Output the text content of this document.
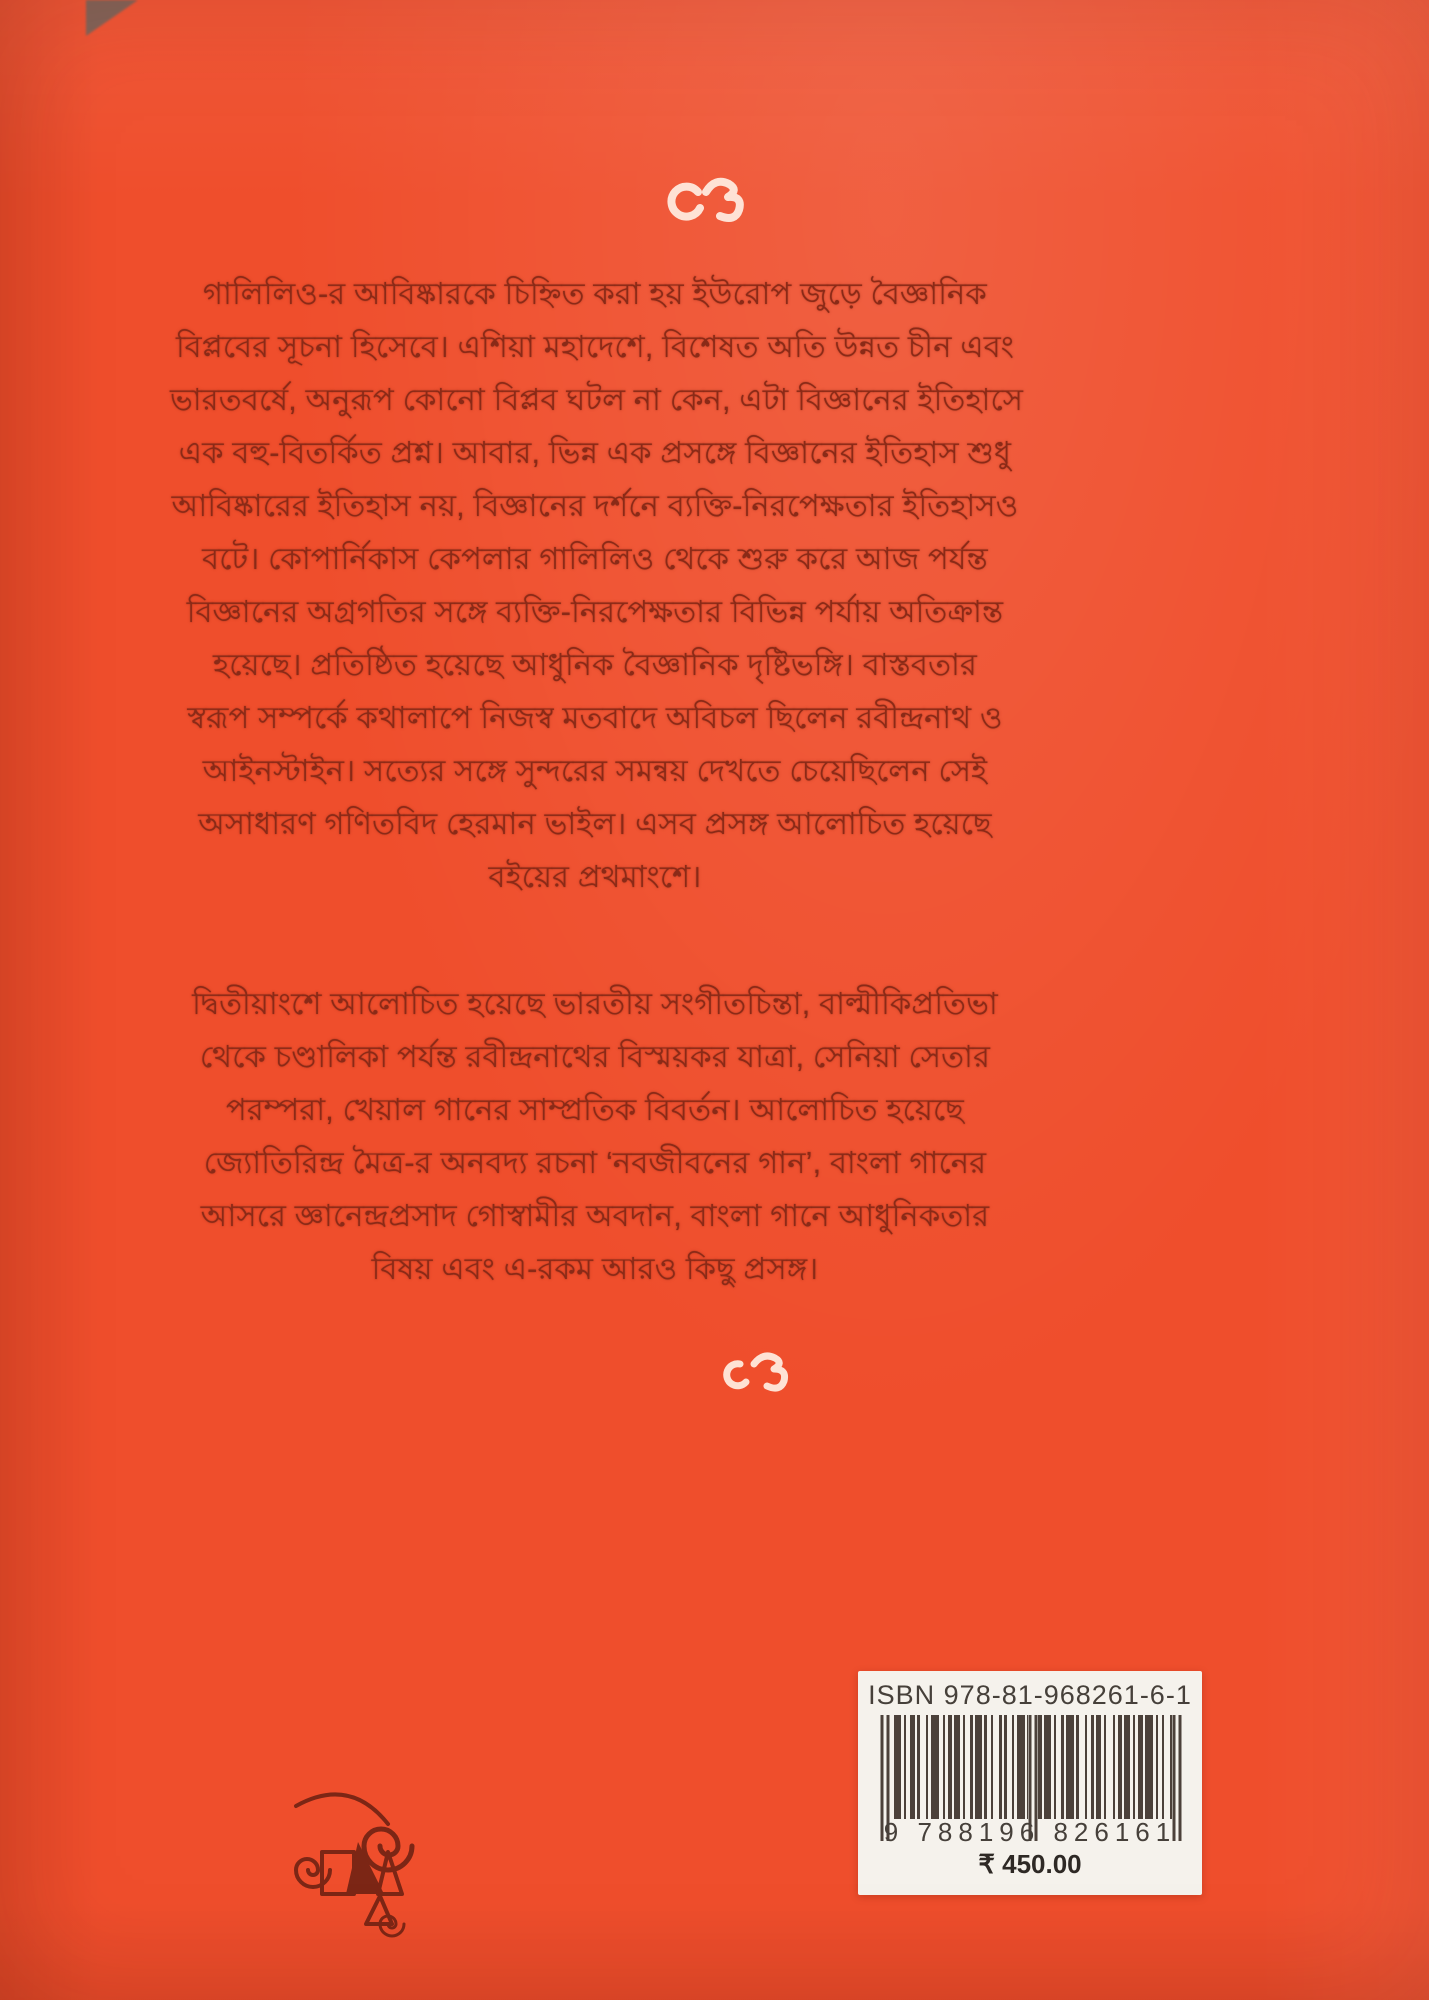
গালিলিও-র আবিষ্কারকে চিহ্নিত করা হয় ইউরোপ জুড়ে বৈজ্ঞানিক
বিপ্লবের সূচনা হিসেবে। এশিয়া মহাদেশে, বিশেষত অতি উন্নত চীন এবং
ভারতবর্ষে, অনুরূপ কোনো বিপ্লব ঘটল না কেন, এটা বিজ্ঞানের ইতিহাসে
এক বহু-বিতর্কিত প্রশ্ন। আবার, ভিন্ন এক প্রসঙ্গে বিজ্ঞানের ইতিহাস শুধু
আবিষ্কারের ইতিহাস নয়, বিজ্ঞানের দর্শনে ব্যক্তি-নিরপেক্ষতার ইতিহাসও
বটে। কোপার্নিকাস কেপলার গালিলিও থেকে শুরু করে আজ পর্যন্ত
বিজ্ঞানের অগ্রগতির সঙ্গে ব্যক্তি-নিরপেক্ষতার বিভিন্ন পর্যায় অতিক্রান্ত
হয়েছে। প্রতিষ্ঠিত হয়েছে আধুনিক বৈজ্ঞানিক দৃষ্টিভঙ্গি। বাস্তবতার
স্বরূপ সম্পর্কে কথালাপে নিজস্ব মতবাদে অবিচল ছিলেন রবীন্দ্রনাথ ও
আইনস্টাইন। সত্যের সঙ্গে সুন্দরের সমন্বয় দেখতে চেয়েছিলেন সেই
অসাধারণ গণিতবিদ হেরমান ভাইল। এসব প্রসঙ্গ আলোচিত হয়েছে
বইয়ের প্রথমাংশে।
দ্বিতীয়াংশে আলোচিত হয়েছে ভারতীয় সংগীতচিন্তা, বাল্মীকিপ্রতিভা
থেকে চণ্ডালিকা পর্যন্ত রবীন্দ্রনাথের বিস্ময়কর যাত্রা, সেনিয়া সেতার
পরম্পরা, খেয়াল গানের সাম্প্রতিক বিবর্তন। আলোচিত হয়েছে
জ্যোতিরিন্দ্র মৈত্র-র অনবদ্য রচনা ‘নবজীবনের গান’, বাংলা গানের
আসরে জ্ঞানেন্দ্রপ্রসাদ গোস্বামীর অবদান, বাংলা গানে আধুনিকতার
বিষয় এবং এ-রকম আরও কিছু প্রসঙ্গ।
ISBN 978-81-968261-6-1
9 788196 826161
₹ 450.00
